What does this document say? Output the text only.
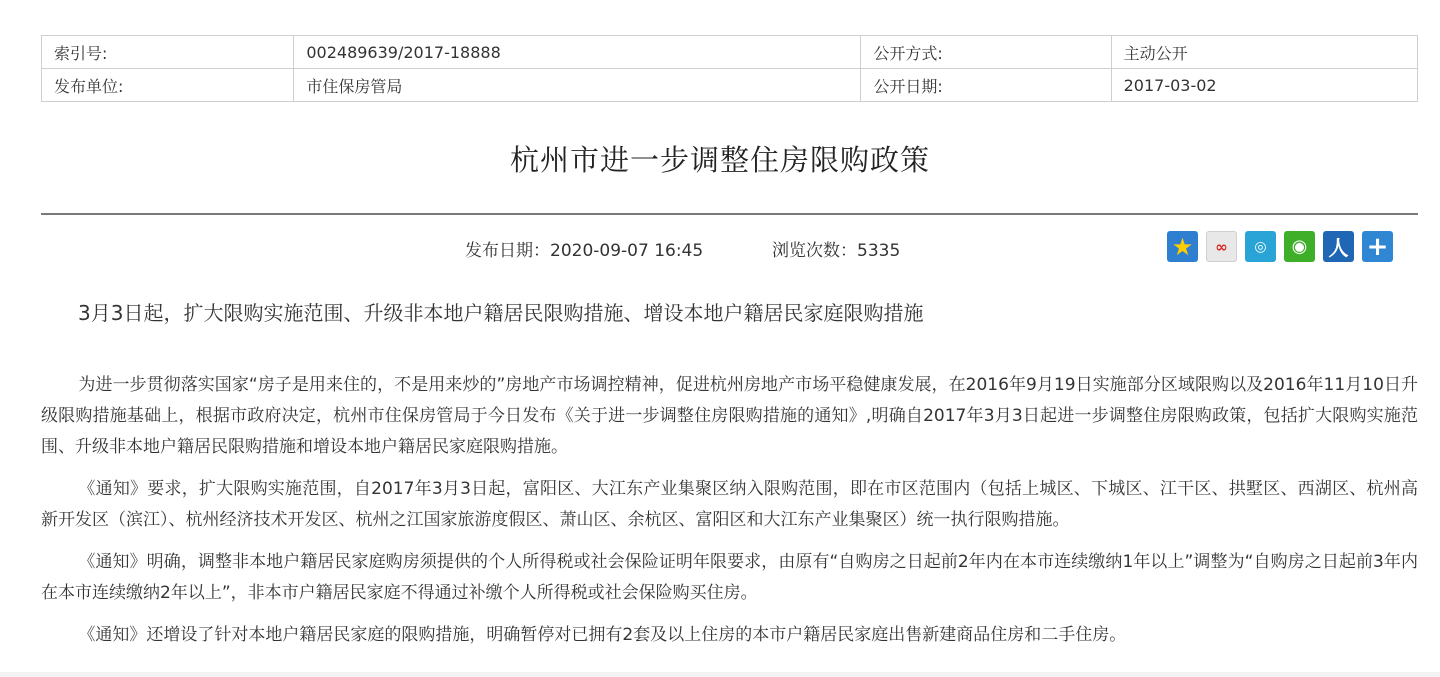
索引号:	002489639/2017-18888	公开方式:	主动公开
发布单位:	市住保房管局	公开日期:	2017-03-02
杭州市进一步调整住房限购政策
发布日期：2020-09-07 16:45	浏览次数：5335	★	∞	◎	◉	人 +
3月3日起，扩大限购实施范围、升级非本地户籍居民限购措施、增设本地户籍居民家庭限购措施

为进一步贯彻落实国家“房子是用来住的，不是用来炒的”房地产市场调控精神，促进杭州房地产市场平稳健康发展，在2016年9月19日实施部分区域限购以及2016年11月10日升级限购措施基础上，根据市政府决定，杭州市住保房管局于今日发布《关于进一步调整住房限购措施的通知》,明确自2017年3月3日起进一步调整住房限购政策，包括扩大限购实施范围、升级非本地户籍居民限购措施和增设本地户籍居民家庭限购措施。

《通知》要求，扩大限购实施范围，自2017年3月3日起，富阳区、大江东产业集聚区纳入限购范围，即在市区范围内（包括上城区、下城区、江干区、拱墅区、西湖区、杭州高新开发区（滨江）、杭州经济技术开发区、杭州之江国家旅游度假区、萧山区、余杭区、富阳区和大江东产业集聚区）统一执行限购措施。

《通知》明确，调整非本地户籍居民家庭购房须提供的个人所得税或社会保险证明年限要求，由原有“自购房之日起前2年内在本市连续缴纳1年以上”调整为“自购房之日起前3年内在本市连续缴纳2年以上”，非本市户籍居民家庭不得通过补缴个人所得税或社会保险购买住房。

《通知》还增设了针对本地户籍居民家庭的限购措施，明确暂停对已拥有2套及以上住房的本市户籍居民家庭出售新建商品住房和二手住房。
